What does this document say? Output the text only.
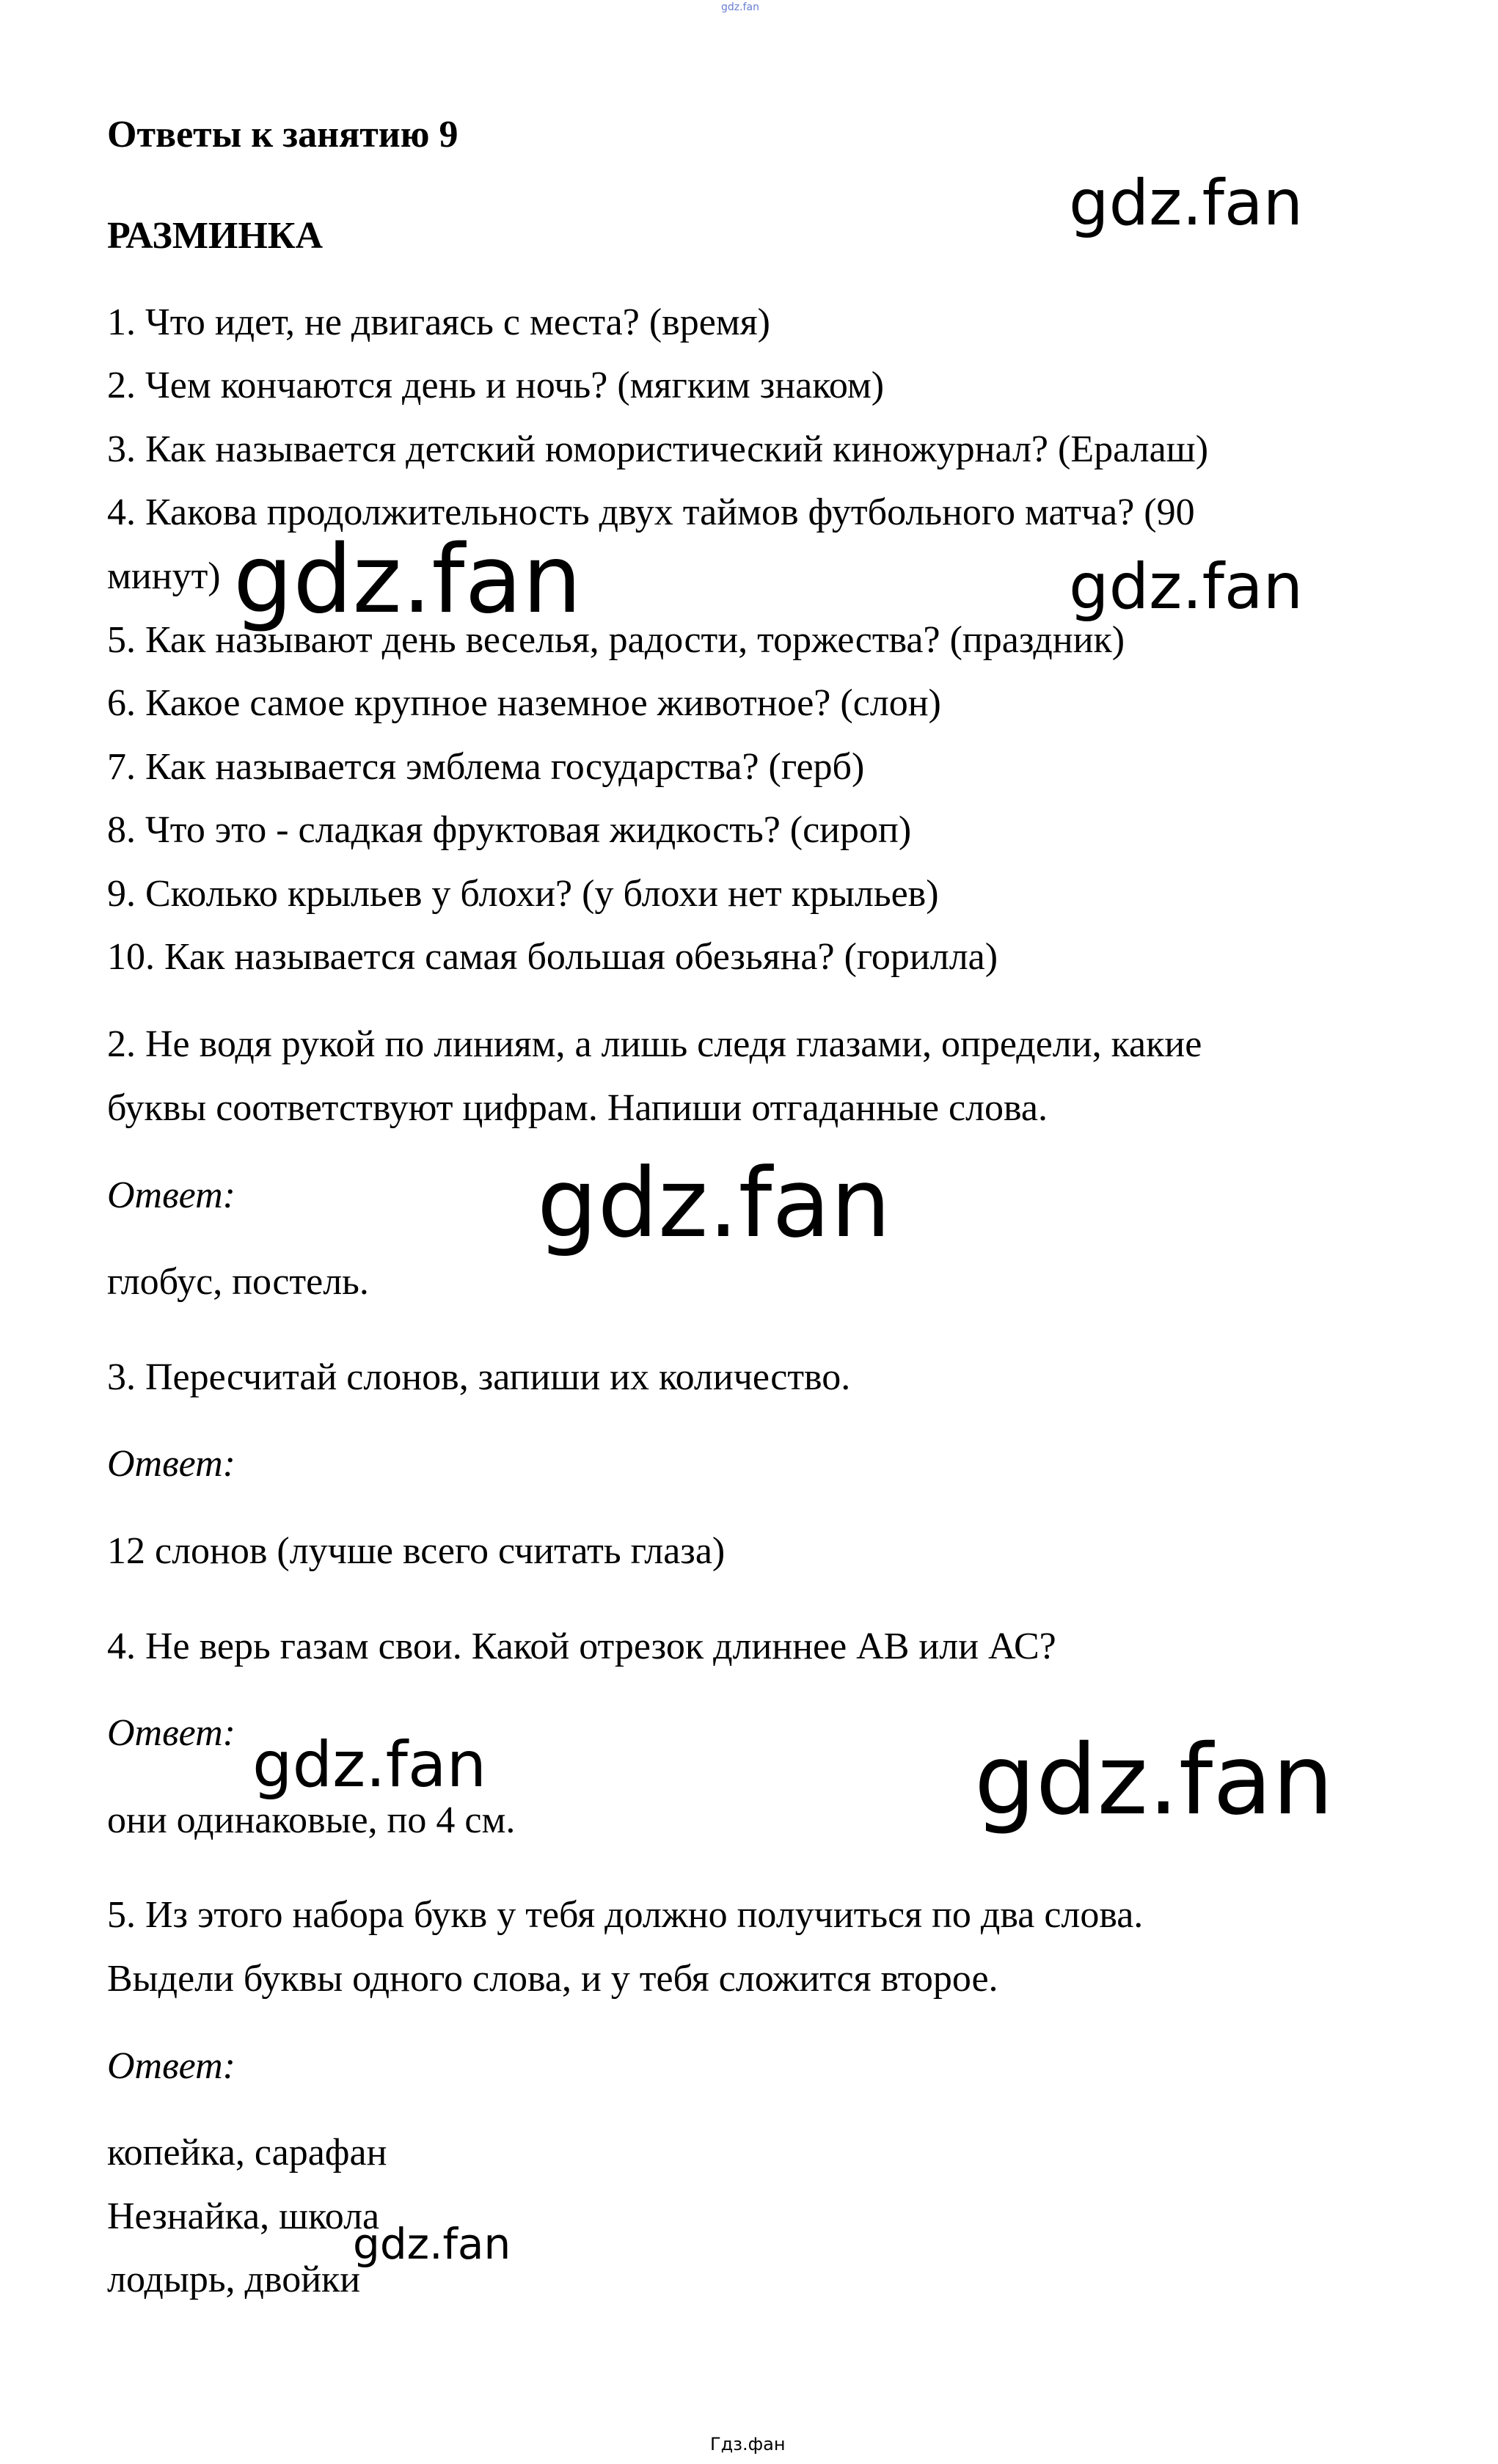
gdz.fan
Ответы к занятию 9
РАЗМИНКА
1. Что идет, не двигаясь с места? (время)
2. Чем кончаются день и ночь? (мягким знаком)
3. Как называется детский юмористический киножурнал? (Ералаш)
4. Какова продолжительность двух таймов футбольного матча? (90
минут)
5. Как называют день веселья, радости, торжества? (праздник)
6. Какое самое крупное наземное животное? (слон)
7. Как называется эмблема государства? (герб)
8. Что это - сладкая фруктовая жидкость? (сироп)
9. Сколько крыльев у блохи? (у блохи нет крыльев)
10. Как называется самая большая обезьяна? (горилла)
2. Не водя рукой по линиям, а лишь следя глазами, определи, какие
буквы соответствуют цифрам. Напиши отгаданные слова.
Ответ:
глобус, постель.
3. Пересчитай слонов, запиши их количество.
Ответ:
12 слонов (лучше всего считать глаза)
4. Не верь газам свои. Какой отрезок длиннее АВ или АС?
Ответ:
они одинаковые, по 4 см.
5. Из этого набора букв у тебя должно получиться по два слова.
Выдели буквы одного слова, и у тебя сложится второе.
Ответ:
копейка, сарафан
Незнайка, школа
лодырь, двойки
gdz.fan
gdz.fan	gdz.fan
gdz.fan
gdz.fan	gdz.fan
gdz.fan
Гдз.фан
